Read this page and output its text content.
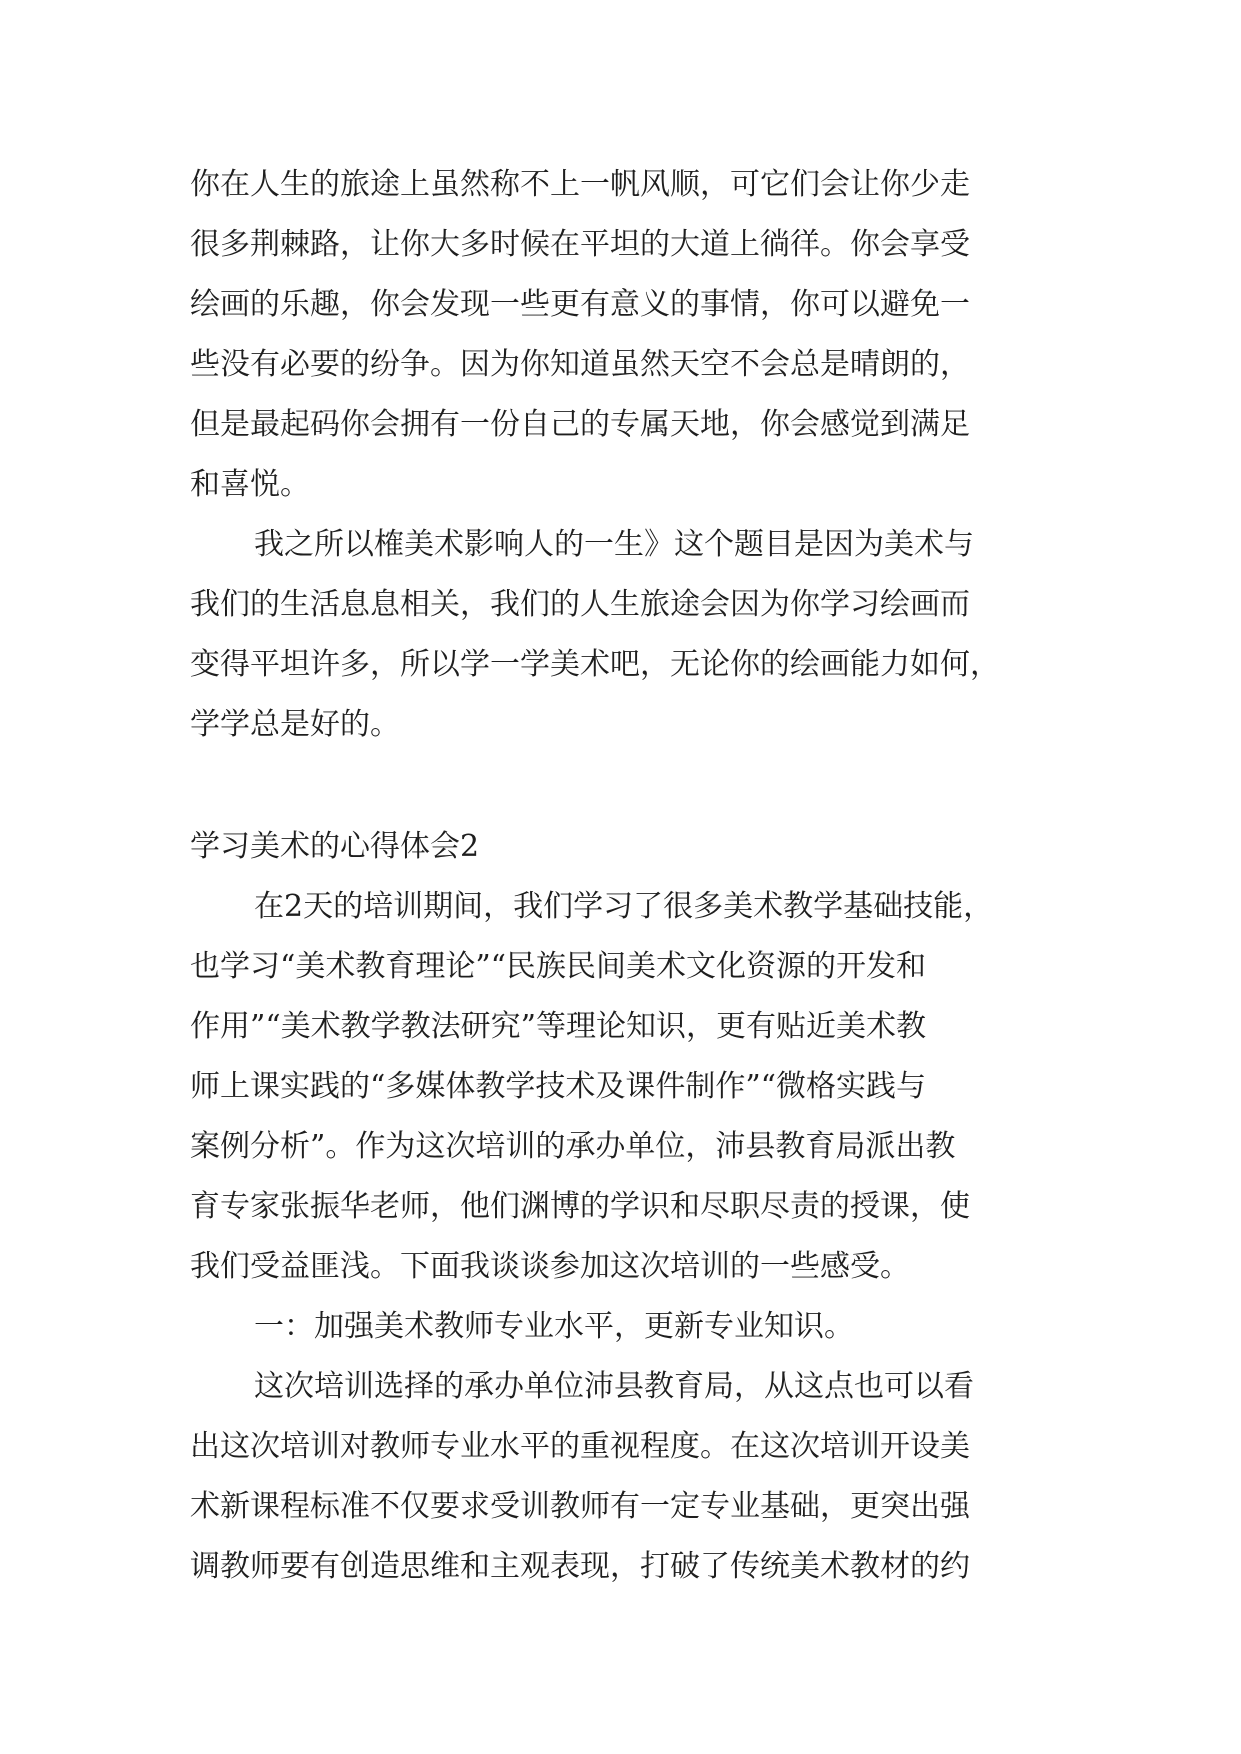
你在人生的旅途上虽然称不上一帆风顺，可它们会让你少走
很多荆棘路，让你大多时候在平坦的大道上徜徉。你会享受
绘画的乐趣，你会发现一些更有意义的事情，你可以避免一
些没有必要的纷争。因为你知道虽然天空不会总是晴朗的，
但是最起码你会拥有一份自己的专属天地，你会感觉到满足
和喜悦。
我之所以榷美术影响人的一生》这个题目是因为美术与
我们的生活息息相关，我们的人生旅途会因为你学习绘画而
变得平坦许多，所以学一学美术吧，无论你的绘画能力如何，
学学总是好的。
学习美术的心得体会2
在2天的培训期间，我们学习了很多美术教学基础技能，
也学习“美术教育理论”“民族民间美术文化资源的开发和
作用”“美术教学教法研究”等理论知识，更有贴近美术教
师上课实践的“多媒体教学技术及课件制作”“微格实践与
案例分析”。作为这次培训的承办单位，沛县教育局派出教
育专家张振华老师，他们渊博的学识和尽职尽责的授课，使
我们受益匪浅。下面我谈谈参加这次培训的一些感受。
一：加强美术教师专业水平，更新专业知识。
这次培训选择的承办单位沛县教育局，从这点也可以看
出这次培训对教师专业水平的重视程度。在这次培训开设美
术新课程标准不仅要求受训教师有一定专业基础，更突出强
调教师要有创造思维和主观表现，打破了传统美术教材的约
